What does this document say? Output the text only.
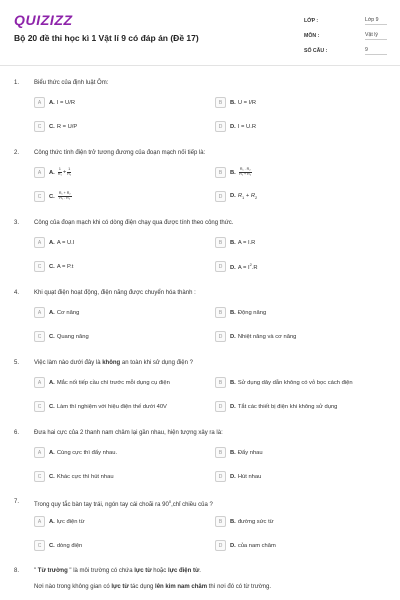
QUIZIZZ
Bộ 20 đề thi học kì 1 Vật lí 9 có đáp án (Đề 17)
LỚP :	Lớp 9
MÔN :	Vật lý
SỐ CÂU :	9
1. Biểu thức của định luật Ôm:
A	A. I = U/R	B	B. U = I/R
C	C. R = U/P	D	D. I = U.R
2. Công thức tính điện trở tương đương của đoạn mạch nối tiếp là:
A	A. $\frac{1}{\text{R₁}} + \frac{1}{\text{R₂}}$	B	B. $\frac{\text{R₁ . R₂}}{\text{R₁ + R₂}}$
C	C. $\frac{\text{R₁ + R₂}}{\text{R₁ . R₂}}$	D	D. $R_1 + R_2$
3. Công của đoạn mạch khi có dòng điện chạy qua được tính theo công thức.
A	A. A = U.I	B	B. A = I.R
C	C. A = P.t	D	D. $A = I^2.R$
4. Khi quạt điện hoạt động, điện năng được chuyển hóa thành :
A	A. Cơ năng	B	B. Động năng
C	C. Quang năng	D	D. Nhiệt năng và cơ năng
5. Việc làm nào dưới đây là không an toàn khi sử dụng điện ?
A	A. Mắc nối tiếp cầu chì trước mỗi dụng cụ điện	B	B. Sử dụng dây dẫn không có vỏ bọc cách điện
C	C. Làm thí nghiệm với hiệu điện thế dưới 40V	D	D. Tắt các thiết bị điện khi không sử dụng
6. Đưa hai cực của 2 thanh nam châm lại gần nhau, hiện tượng xảy ra là:
A	A. Cùng cực thì đẩy nhau.	B	B. Đẩy nhau
C	C. Khác cực thì hút nhau	D	D. Hút nhau
7. Trong quy tắc bàn tay trái, ngón tay cái choãi ra $90^0,chỉ$ chiều của ?
A	A. lực điện từ	B	B. đường sức từ
C	C. dòng điện	D	D. của nam châm
8. " Từ trường " là môi trường có chứa lực từ hoặc lực điện từ.
Nơi nào trong không gian có lực từ tác dụng lên kim nam châm thì nơi đó có từ trường.
